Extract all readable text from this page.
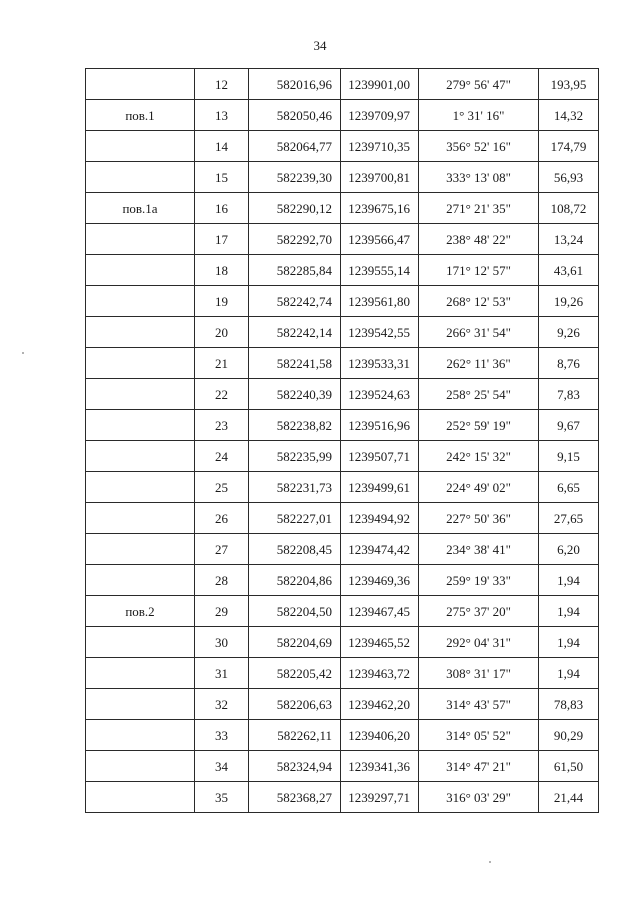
34

	12	582016,96	1239901,00	279° 56' 47"	193,95

пов.1	13	582050,46	1239709,97	1° 31' 16"	14,32

	14	582064,77	1239710,35	356° 52' 16"	174,79

	15	582239,30	1239700,81	333° 13' 08"	56,93

пов.1а	16	582290,12	1239675,16	271° 21' 35"	108,72

	17	582292,70	1239566,47	238° 48' 22"	13,24

	18	582285,84	1239555,14	171° 12' 57"	43,61

	19	582242,74	1239561,80	268° 12' 53"	19,26

	20	582242,14	1239542,55	266° 31' 54"	9,26

	21	582241,58	1239533,31	262° 11' 36"	8,76

	22	582240,39	1239524,63	258° 25' 54"	7,83

	23	582238,82	1239516,96	252° 59' 19"	9,67

	24	582235,99	1239507,71	242° 15' 32"	9,15

	25	582231,73	1239499,61	224° 49' 02"	6,65

	26	582227,01	1239494,92	227° 50' 36"	27,65

	27	582208,45	1239474,42	234° 38' 41"	6,20

	28	582204,86	1239469,36	259° 19' 33"	1,94

пов.2	29	582204,50	1239467,45	275° 37' 20"	1,94

	30	582204,69	1239465,52	292° 04' 31"	1,94

	31	582205,42	1239463,72	308° 31' 17"	1,94

	32	582206,63	1239462,20	314° 43' 57"	78,83

	33	582262,11	1239406,20	314° 05' 52"	90,29

	34	582324,94	1239341,36	314° 47' 21"	61,50

	35	582368,27	1239297,71	316° 03' 29"	21,44
